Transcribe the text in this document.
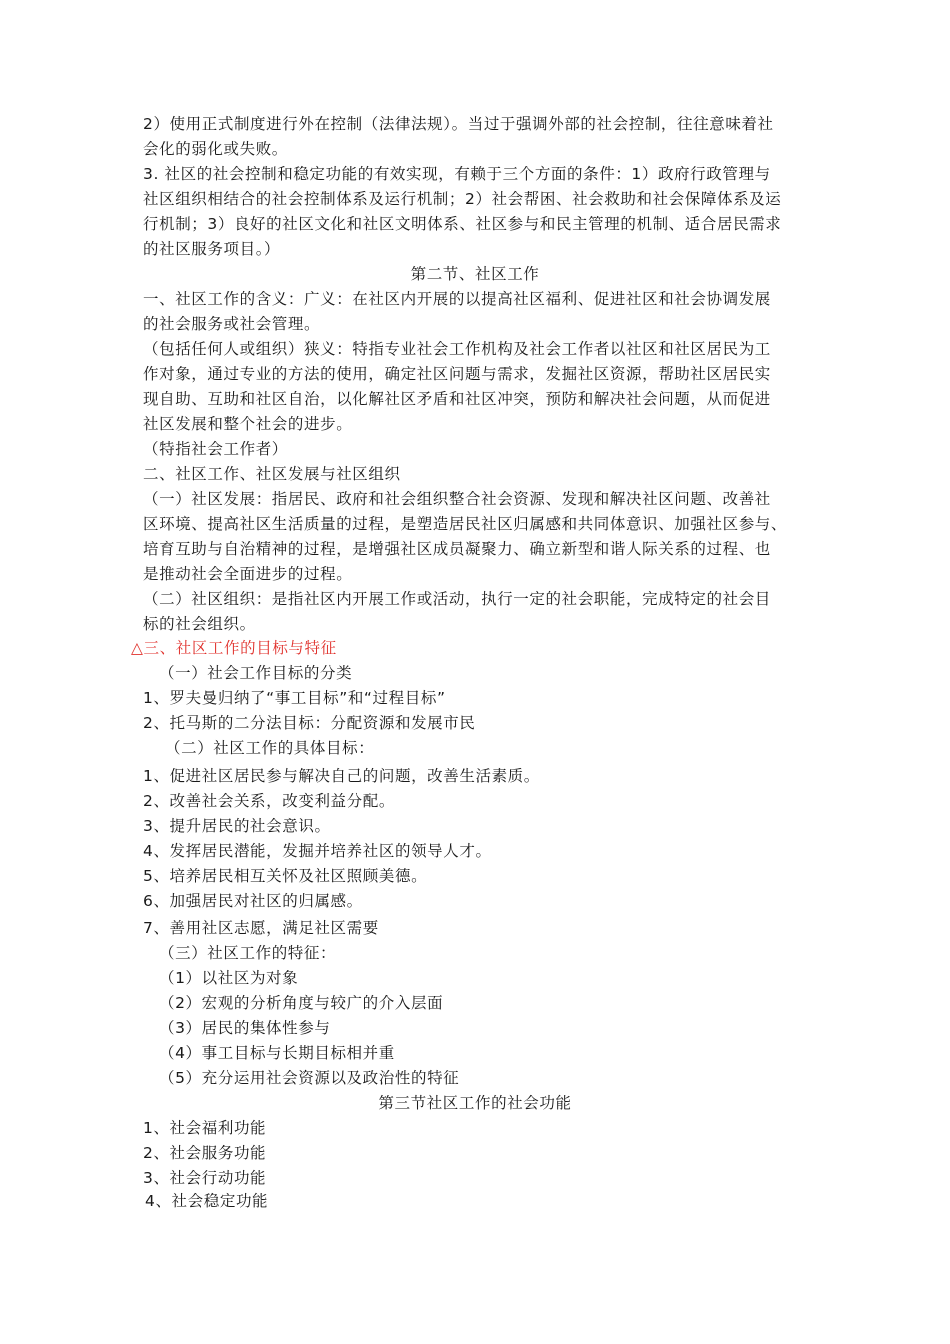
2）使用正式制度进行外在控制（法律法规）。当过于强调外部的社会控制，往往意味着社
会化的弱化或失败。
3. 社区的社会控制和稳定功能的有效实现，有赖于三个方面的条件：1）政府行政管理与
社区组织相结合的社会控制体系及运行机制；2）社会帮困、社会救助和社会保障体系及运
行机制；3）良好的社区文化和社区文明体系、社区参与和民主管理的机制、适合居民需求
的社区服务项目。）
第二节、社区工作
一、社区工作的含义：广义：在社区内开展的以提高社区福利、促进社区和社会协调发展
的社会服务或社会管理。
（包括任何人或组织）狭义：特指专业社会工作机构及社会工作者以社区和社区居民为工
作对象，通过专业的方法的使用，确定社区问题与需求，发掘社区资源，帮助社区居民实
现自助、互助和社区自治，以化解社区矛盾和社区冲突，预防和解决社会问题，从而促进
社区发展和整个社会的进步。
（特指社会工作者）
二、社区工作、社区发展与社区组织
（一）社区发展：指居民、政府和社会组织整合社会资源、发现和解决社区问题、改善社
区环境、提高社区生活质量的过程，是塑造居民社区归属感和共同体意识、加强社区参与、
培育互助与自治精神的过程，是增强社区成员凝聚力、确立新型和谐人际关系的过程、也
是推动社会全面进步的过程。
（二）社区组织：是指社区内开展工作或活动，执行一定的社会职能，完成特定的社会目
标的社会组织。
△三、社区工作的目标与特征
（一）社会工作目标的分类
1、罗夫曼归纳了“事工目标”和“过程目标”
2、托马斯的二分法目标：分配资源和发展市民
（二）社区工作的具体目标：
1、促进社区居民参与解决自己的问题，改善生活素质。
2、改善社会关系，改变利益分配。
3、提升居民的社会意识。
4、发挥居民潜能，发掘并培养社区的领导人才。
5、培养居民相互关怀及社区照顾美德。
6、加强居民对社区的归属感。
7、善用社区志愿，满足社区需要
（三）社区工作的特征：
（1）以社区为对象
（2）宏观的分析角度与较广的介入层面
（3）居民的集体性参与
（4）事工目标与长期目标相并重
（5）充分运用社会资源以及政治性的特征
第三节社区工作的社会功能
1、社会福利功能
2、社会服务功能
3、社会行动功能
4、社会稳定功能
